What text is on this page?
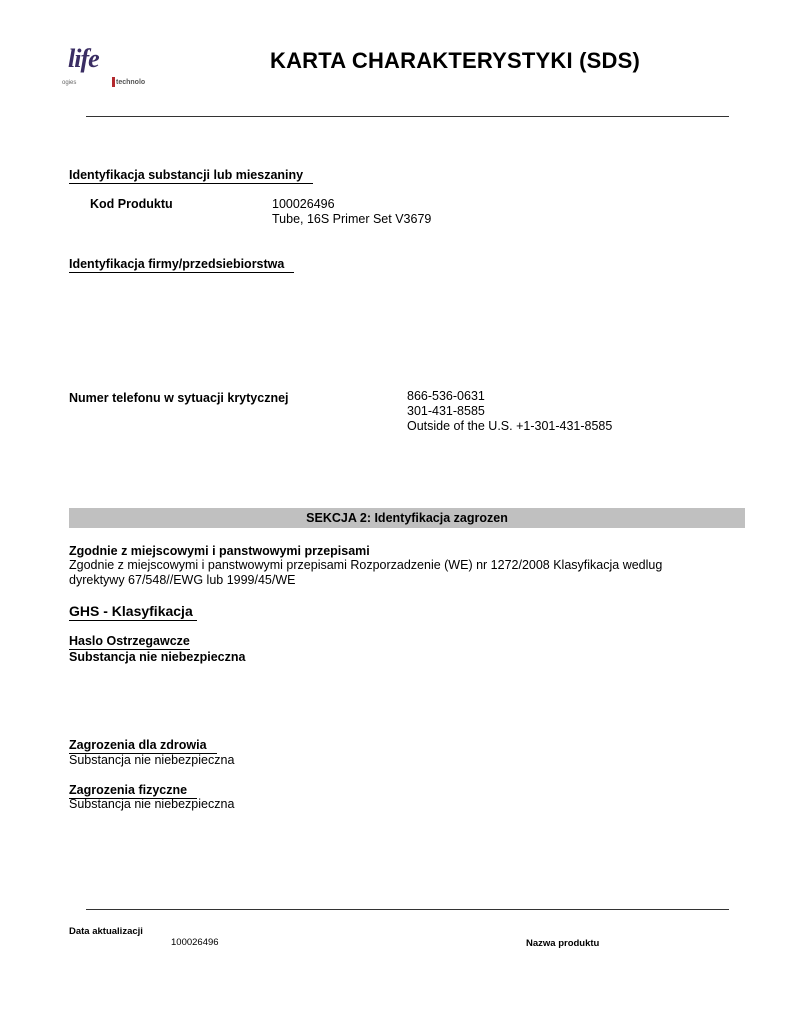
life
ogies	technolo
KARTA CHARAKTERYSTYKI (SDS)
Identyfikacja substancji lub mieszaniny
Kod Produktu	100026496
Tube, 16S Primer Set V3679
Identyfikacja firmy/przedsiebiorstwa
Numer telefonu w sytuacji krytycznej	866-536-0631
301-431-8585
Outside of the U.S. +1-301-431-8585
SEKCJA 2: Identyfikacja zagrozen
Zgodnie z miejscowymi i panstwowymi przepisami
Zgodnie z miejscowymi i panstwowymi przepisami Rozporzadzenie (WE) nr 1272/2008 Klasyfikacja wedlug dyrektywy 67/548//EWG lub 1999/45/WE
GHS - Klasyfikacja
Haslo Ostrzegawcze
Substancja nie niebezpieczna
Zagrozenia dla zdrowia
Substancja nie niebezpieczna
Zagrozenia fizyczne
Substancja nie niebezpieczna
Data aktualizacji
100026496	Nazwa produktu
